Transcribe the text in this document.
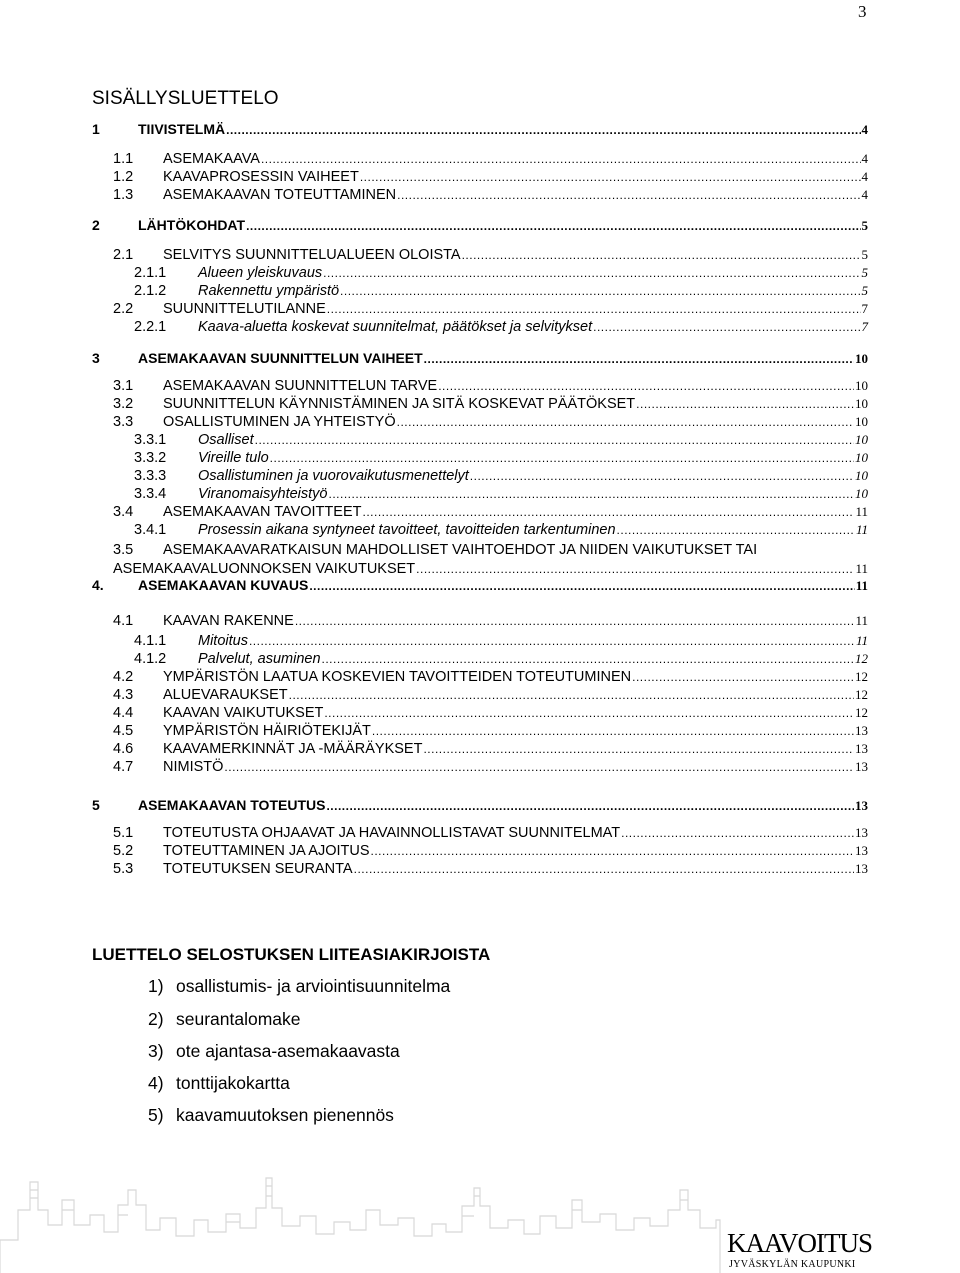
3
SISÄLLYSLUETTELO
1	TIIVISTELMÄ .....	4
1.1	ASEMAKAAVA .....	4
1.2	KAAVAPROSESSIN VAIHEET .....	4
1.3	ASEMAKAAVAN TOTEUTTAMINEN .....	4
2	LÄHTÖKOHDAT .....	5
2.1	SELVITYS SUUNNITTELUALUEEN OLOISTA .....	5
2.1.1	Alueen yleiskuvaus .....	5
2.1.2	Rakennettu ympäristö .....	5
2.2	SUUNNITTELUTILANNE .....	7
2.2.1	Kaava-aluetta koskevat suunnitelmat, päätökset ja selvitykset .....	7
3	ASEMAKAAVAN SUUNNITTELUN VAIHEET .....	10
3.1	ASEMAKAAVAN SUUNNITTELUN TARVE .....	10
3.2	SUUNNITTELUN KÄYNNISTÄMINEN JA SITÄ KOSKEVAT PÄÄTÖKSET .....	10
3.3	OSALLISTUMINEN JA YHTEISTYÖ .....	10
3.3.1	Osalliset .....	10
3.3.2	Vireille tulo .....	10
3.3.3	Osallistuminen ja vuorovaikutusmenettelyt .....	10
3.3.4	Viranomaisyhteistyö .....	10
3.4	ASEMAKAAVAN TAVOITTEET .....	11
3.4.1	Prosessin aikana syntyneet tavoitteet, tavoitteiden tarkentuminen .....	11
3.5	ASEMAKAAVARATKAISUN MAHDOLLISET VAIHTOEHDOT JA NIIDEN VAIKUTUKSET TAI
ASEMAKAAVALUONNOKSEN VAIKUTUKSET .....	11
4.	ASEMAKAAVAN KUVAUS .....	11
4.1	KAAVAN RAKENNE .....	11
4.1.1	Mitoitus .....	11
4.1.2	Palvelut, asuminen .....	12
4.2	YMPÄRISTÖN LAATUA KOSKEVIEN TAVOITTEIDEN TOTEUTUMINEN .....	12
4.3	ALUEVARAUKSET .....	12
4.4	KAAVAN VAIKUTUKSET .....	12
4.5	YMPÄRISTÖN HÄIRIÖTEKIJÄT .....	13
4.6	KAAVAMERKINNÄT JA -MÄÄRÄYKSET .....	13
4.7	NIMISTÖ .....	13
5	ASEMAKAAVAN TOTEUTUS .....	13
5.1	TOTEUTUSTA OHJAAVAT JA HAVAINNOLLISTAVAT SUUNNITELMAT .....	13
5.2	TOTEUTTAMINEN JA AJOITUS .....	13
5.3	TOTEUTUKSEN SEURANTA .....	13
LUETTELO SELOSTUKSEN LIITEASIAKIRJOISTA
1) osallistumis- ja arviointisuunnitelma
2) seurantalomake
3) ote ajantasa-asemakaavasta
4) tonttijakokartta
5) kaavamuutoksen pienennös
KAAVOITUS
JYVÄSKYLÄN KAUPUNKI
